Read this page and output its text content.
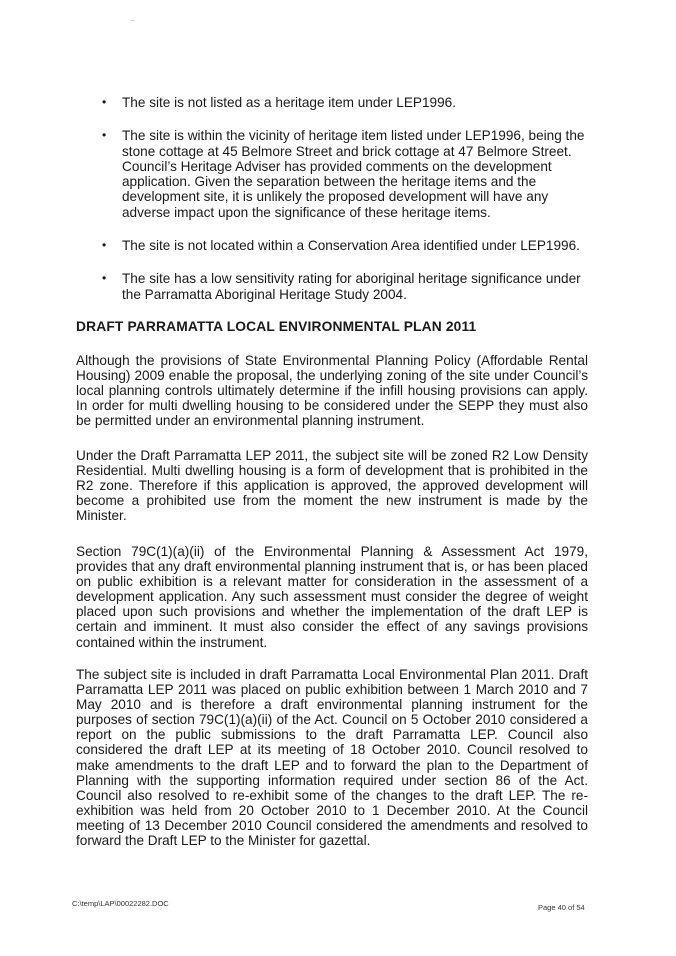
• The site is not listed as a heritage item under LEP1996.
• The site is within the vicinity of heritage item listed under LEP1996, being the stone cottage at 45 Belmore Street and brick cottage at 47 Belmore Street. Council’s Heritage Adviser has provided comments on the development application. Given the separation between the heritage items and the development site, it is unlikely the proposed development will have any adverse impact upon the significance of these heritage items.
• The site is not located within a Conservation Area identified under LEP1996.
• The site has a low sensitivity rating for aboriginal heritage significance under the Parramatta Aboriginal Heritage Study 2004.
DRAFT PARRAMATTA LOCAL ENVIRONMENTAL PLAN 2011

Although the provisions of State Environmental Planning Policy (Affordable Rental Housing) 2009 enable the proposal, the underlying zoning of the site under Council’s local planning controls ultimately determine if the infill housing provisions can apply. In order for multi dwelling housing to be considered under the SEPP they must also be permitted under an environmental planning instrument.

Under the Draft Parramatta LEP 2011, the subject site will be zoned R2 Low Density Residential. Multi dwelling housing is a form of development that is prohibited in the R2 zone. Therefore if this application is approved, the approved development will become a prohibited use from the moment the new instrument is made by the Minister.

Section 79C(1)(a)(ii) of the Environmental Planning & Assessment Act 1979, provides that any draft environmental planning instrument that is, or has been placed on public exhibition is a relevant matter for consideration in the assessment of a development application. Any such assessment must consider the degree of weight placed upon such provisions and whether the implementation of the draft LEP is certain and imminent. It must also consider the effect of any savings provisions contained within the instrument.

The subject site is included in draft Parramatta Local Environmental Plan 2011. Draft Parramatta LEP 2011 was placed on public exhibition between 1 March 2010 and 7 May 2010 and is therefore a draft environmental planning instrument for the purposes of section 79C(1)(a)(ii) of the Act. Council on 5 October 2010 considered a report on the public submissions to the draft Parramatta LEP. Council also considered the draft LEP at its meeting of 18 October 2010. Council resolved to make amendments to the draft LEP and to forward the plan to the Department of Planning with the supporting information required under section 86 of the Act. Council also resolved to re-exhibit some of the changes to the draft LEP. The re-exhibition was held from 20 October 2010 to 1 December 2010. At the Council meeting of 13 December 2010 Council considered the amendments and resolved to forward the Draft LEP to the Minister for gazettal.

C:\temp\LAP\00022282.DOC	Page 40 of 54
